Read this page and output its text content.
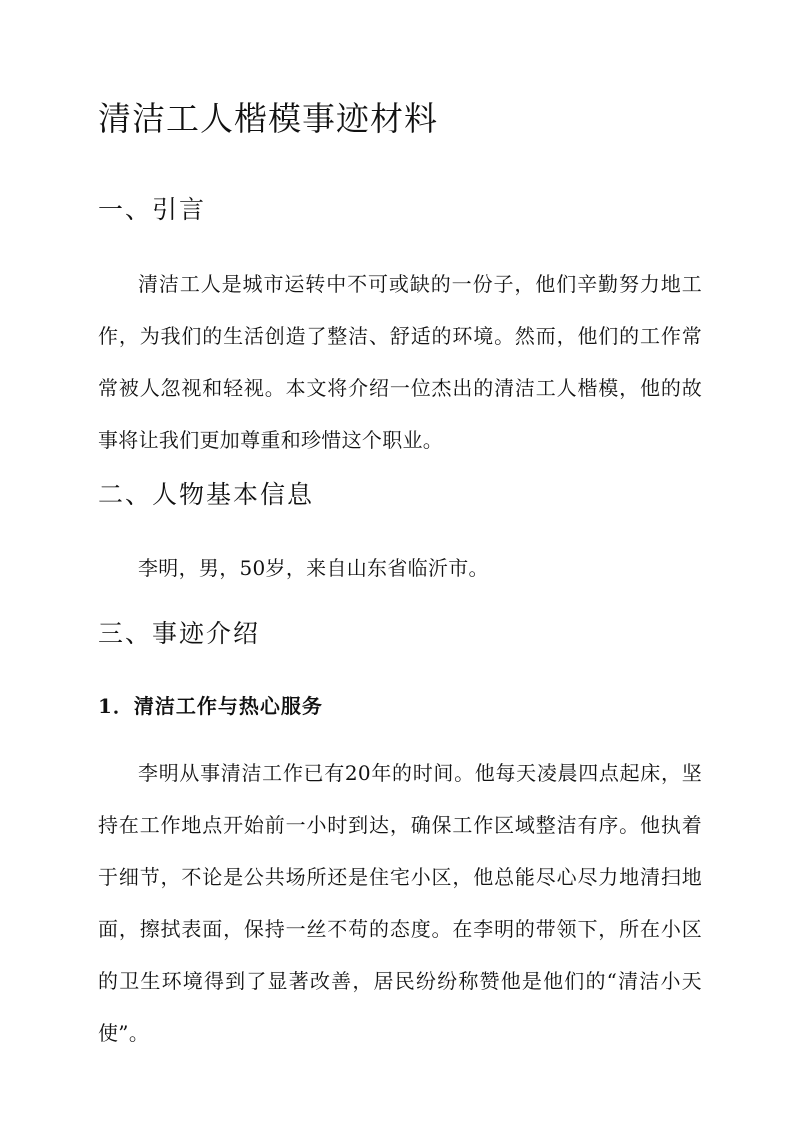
清洁工人楷模事迹材料
一、引言

清洁工人是城市运转中不可或缺的一份子，他们辛勤努力地工作，为我们的生活创造了整洁、舒适的环境。然而，他们的工作常常被人忽视和轻视。本文将介绍一位杰出的清洁工人楷模，他的故事将让我们更加尊重和珍惜这个职业。

二、人物基本信息

李明，男，50岁，来自山东省临沂市。

三、事迹介绍
1．清洁工作与热心服务

李明从事清洁工作已有20年的时间。他每天凌晨四点起床，坚持在工作地点开始前一小时到达，确保工作区域整洁有序。他执着于细节，不论是公共场所还是住宅小区，他总能尽心尽力地清扫地面，擦拭表面，保持一丝不苟的态度。在李明的带领下，所在小区的卫生环境得到了显著改善，居民纷纷称赞他是他们的“清洁小天使”。
